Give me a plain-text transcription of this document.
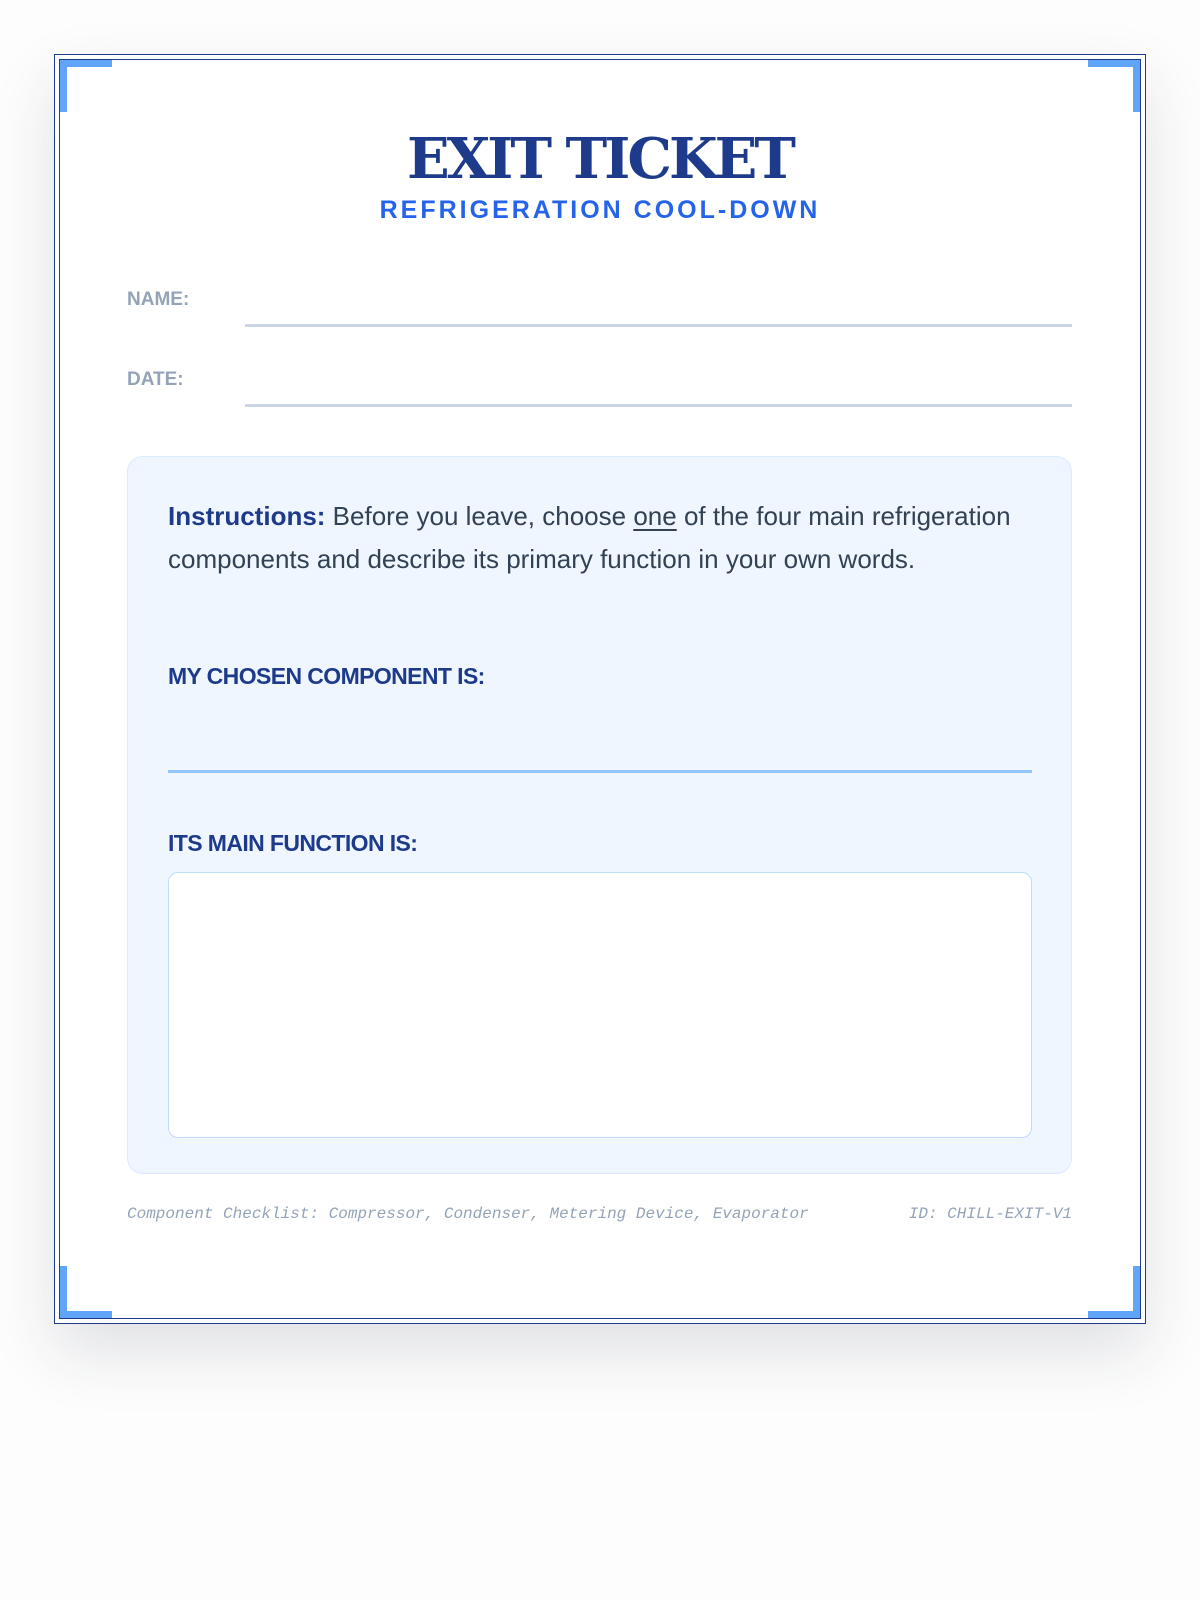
EXIT TICKET
REFRIGERATION COOL-DOWN
NAME:
DATE:

Instructions: Before you leave, choose one of the four main refrigeration components and describe its primary function in your own words.

MY CHOSEN COMPONENT IS:
ITS MAIN FUNCTION IS:
Component Checklist: Compressor, Condenser, Metering Device, Evaporator	ID: CHILL-EXIT-V1
